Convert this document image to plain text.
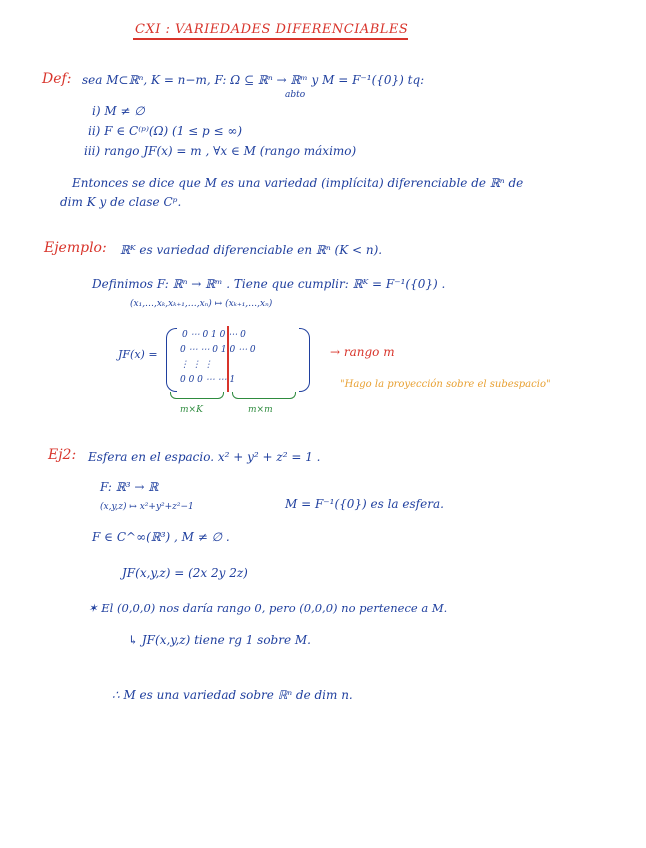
CXI : VARIEDADES DIFERENCIABLES
Def: sea M⊂ℝⁿ, K = n−m, F: Ω ⊆ ℝⁿ → ℝᵐ y M = F⁻¹({0}) tq:
abto
i) M ≠ ∅
ii) F ∈ C⁽ᵖ⁾(Ω) (1 ≤ p ≤ ∞)
iii) rango JF(x) = m , ∀x ∈ M (rango máximo)
Entonces se dice que M es una variedad (implícita) diferenciable de ℝⁿ de
dim K y de clase Cᵖ.
Ejemplo: ℝᴷ es variedad diferenciable en ℝⁿ (K < n).
Definimos F: ℝⁿ → ℝᵐ . Tiene que cumplir: ℝᴷ = F⁻¹({0}) .
(x₁,…,xₖ,xₖ₊₁,…,xₙ) ↦ (xₖ₊₁,…,xₙ)
JF(x) =
0 ⋯ 0 1 0 ⋯ 0
0 ⋯ ⋯ 0 1 0 ⋯ 0
⋮ ⋮ ⋮
0 0 0 ⋯ ⋯ 1
→ rango m
"Hago la proyección sobre el subespacio"
m×K	m×m
Ej2: Esfera en el espacio. x² + y² + z² = 1 .
F: ℝ³ → ℝ
(x,y,z) ↦ x²+y²+z²−1	M = F⁻¹({0}) es la esfera.
F ∈ C^∞(ℝ³) , M ≠ ∅ .
JF(x,y,z) = (2x 2y 2z)
✶ El (0,0,0) nos daría rango 0, pero (0,0,0) no pertenece a M.
↳ JF(x,y,z) tiene rg 1 sobre M.
∴ M es una variedad sobre ℝⁿ de dim n.
